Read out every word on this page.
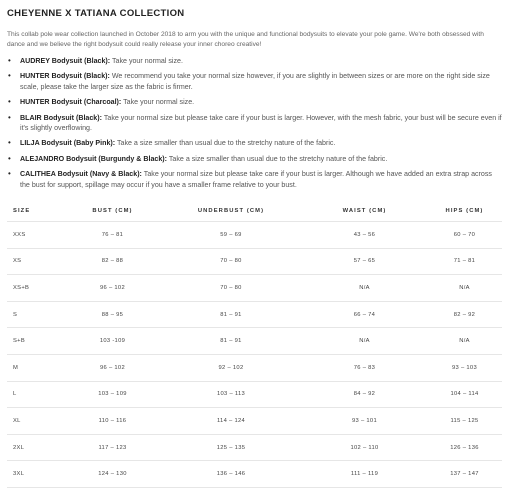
CHEYENNE X TATIANA COLLECTION

This collab pole wear collection launched in October 2018 to arm you with the unique and functional bodysuits to elevate your pole game. We're both obsessed with dance and we believe the right bodysuit could really release your inner choreo creative!

• AUDREY Bodysuit (Black): Take your normal size.
• HUNTER Bodysuit (Black): We recommend you take your normal size however, if you are slightly in between sizes or are more on the right side size scale, please take the larger size as the fabric is firmer.
• HUNTER Bodysuit (Charcoal): Take your normal size.
• BLAIR Bodysuit (Black): Take your normal size but please take care if your bust is larger. However, with the mesh fabric, your bust will be secure even if it's slightly overflowing.
• LILJA Bodysuit (Baby Pink): Take a size smaller than usual due to the stretchy nature of the fabric.
• ALEJANDRO Bodysuit (Burgundy & Black): Take a size smaller than usual due to the stretchy nature of the fabric.
• CALITHEA Bodysuit (Navy & Black): Take your normal size but please take care if your bust is larger. Although we have added an extra strap across the bust for support, spillage may occur if you have a smaller frame relative to your bust.
SIZE	BUST (CM)	UNDERBUST (CM)	WAIST (CM)	HIPS (CM)
XXS	76 – 81	59 – 69	43 – 56	60 – 70
XS	82 – 88	70 – 80	57 – 65	71 – 81
XS+B	96 – 102	70 – 80	N/A	N/A
S	88 – 95	81 – 91	66 – 74	82 – 92
S+B	103 -109	81 – 91	N/A	N/A
M	96 – 102	92 – 102	76 – 83	93 – 103
L	103 – 109	103 – 113	84 – 92	104 – 114
XL	110 – 116	114 – 124	93 – 101	115 – 125
2XL	117 – 123	125 – 135	102 – 110	126 – 136
3XL	124 – 130	136 – 146	111 – 119	137 – 147
